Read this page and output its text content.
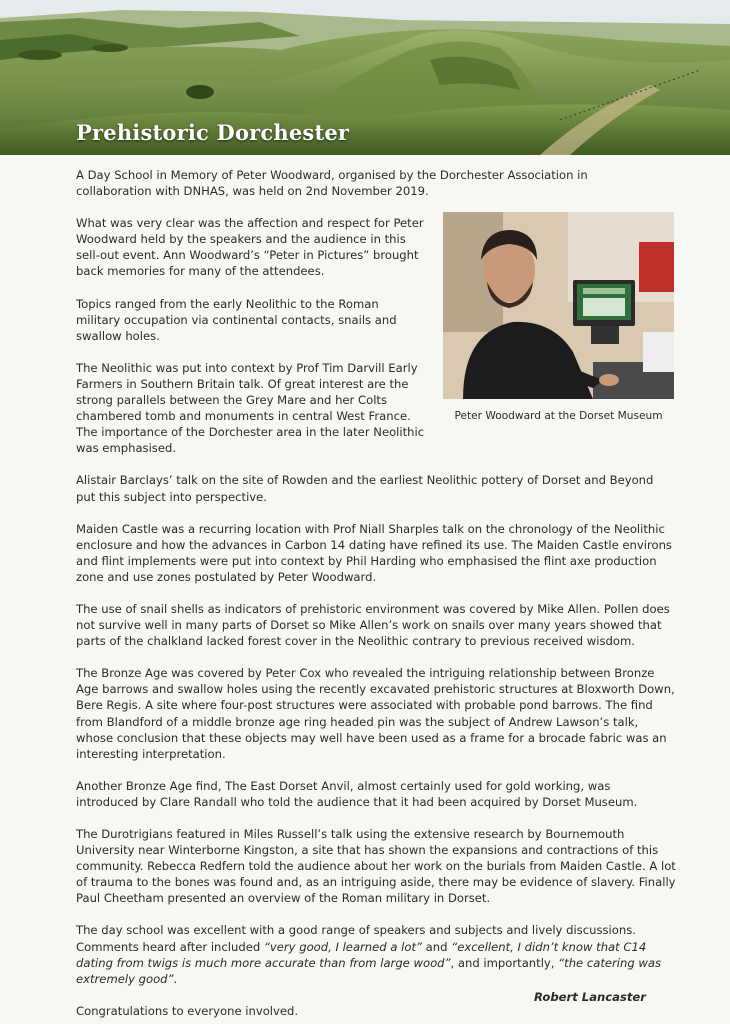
Prehistoric Dorchester
Peter Woodward at the Dorset Museum

A Day School in Memory of Peter Woodward, organised by the Dorchester Association in collaboration with DNHAS, was held on 2nd November 2019.

What was very clear was the affection and respect for Peter Woodward held by the speakers and the audience in this sell-out event. Ann Woodward’s “Peter in Pictures” brought back memories for many of the attendees.

Topics ranged from the early Neolithic to the Roman military occupation via continental contacts, snails and swallow holes.

The Neolithic was put into context by Prof Tim Darvill Early Farmers in Southern Britain talk. Of great interest are the strong parallels between the Grey Mare and her Colts chambered tomb and monuments in central West France. The importance of the Dorchester area in the later Neolithic was emphasised.

Alistair Barclays’ talk on the site of Rowden and the earliest Neolithic pottery of Dorset and Beyond put this subject into perspective.

Maiden Castle was a recurring location with Prof Niall Sharples talk on the chronology of the Neolithic enclosure and how the advances in Carbon 14 dating have refined its use. The Maiden Castle environs and flint implements were put into context by Phil Harding who emphasised the flint axe production zone and use zones postulated by Peter Woodward.

The use of snail shells as indicators of prehistoric environment was covered by Mike Allen. Pollen does not survive well in many parts of Dorset so Mike Allen’s work on snails over many years showed that parts of the chalkland lacked forest cover in the Neolithic contrary to previous received wisdom.

The Bronze Age was covered by Peter Cox who revealed the intriguing relationship between Bronze Age barrows and swallow holes using the recently excavated prehistoric structures at Bloxworth Down, Bere Regis. A site where four-post structures were associated with probable pond barrows. The find from Blandford of a middle bronze age ring headed pin was the subject of Andrew Lawson’s talk, whose conclusion that these objects may well have been used as a frame for a brocade fabric was an interesting interpretation.

Another Bronze Age find, The East Dorset Anvil, almost certainly used for gold working, was introduced by Clare Randall who told the audience that it had been acquired by Dorset Museum.

The Durotrigians featured in Miles Russell’s talk using the extensive research by Bournemouth University near Winterborne Kingston, a site that has shown the expansions and contractions of this community. Rebecca Redfern told the audience about her work on the burials from Maiden Castle. A lot of trauma to the bones was found and, as an intriguing aside, there may be evidence of slavery. Finally Paul Cheetham presented an overview of the Roman military in Dorset.

The day school was excellent with a good range of speakers and subjects and lively discussions. Comments heard after included “very good, I learned a lot” and “excellent, I didn’t know that C14 dating from twigs is much more accurate than from large wood”, and importantly, “the catering was extremely good”.

Congratulations to everyone involved.

Robert Lancaster
